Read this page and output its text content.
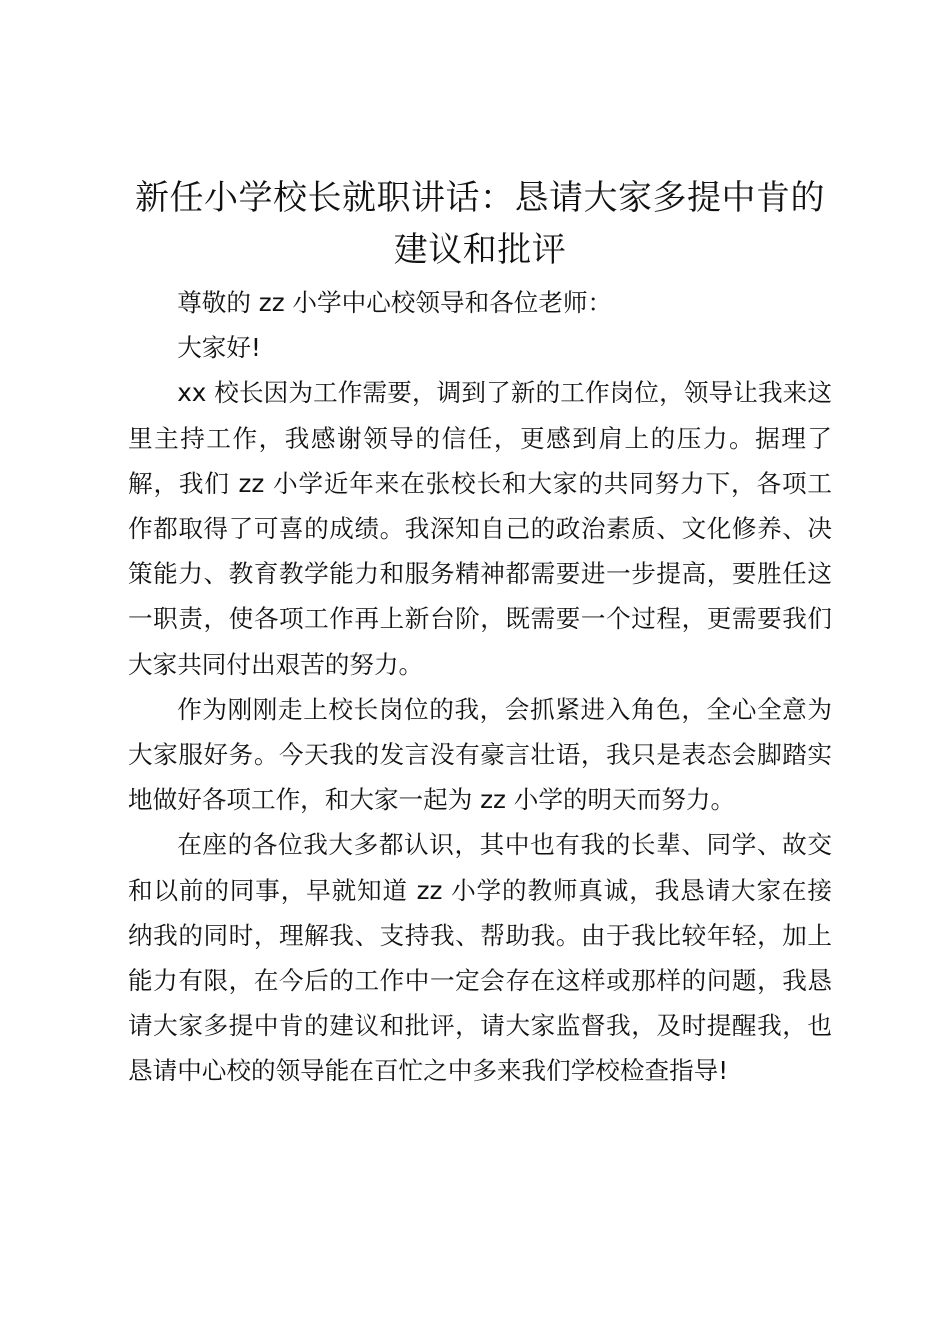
新任小学校长就职讲话：恳请大家多提中肯的建议和批评

尊敬的 zz 小学中心校领导和各位老师：

大家好!

xx 校长因为工作需要，调到了新的工作岗位，领导让我来这里主持工作，我感谢领导的信任，更感到肩上的压力。据理了解，我们 zz 小学近年来在张校长和大家的共同努力下，各项工作都取得了可喜的成绩。我深知自己的政治素质、文化修养、决策能力、教育教学能力和服务精神都需要进一步提高，要胜任这一职责，使各项工作再上新台阶，既需要一个过程，更需要我们大家共同付出艰苦的努力。

作为刚刚走上校长岗位的我，会抓紧进入角色，全心全意为大家服好务。今天我的发言没有豪言壮语，我只是表态会脚踏实地做好各项工作，和大家一起为 zz 小学的明天而努力。

在座的各位我大多都认识，其中也有我的长辈、同学、故交和以前的同事，早就知道 zz 小学的教师真诚，我恳请大家在接纳我的同时，理解我、支持我、帮助我。由于我比较年轻，加上能力有限，在今后的工作中一定会存在这样或那样的问题，我恳请大家多提中肯的建议和批评，请大家监督我，及时提醒我，也恳请中心校的领导能在百忙之中多来我们学校检查指导!
